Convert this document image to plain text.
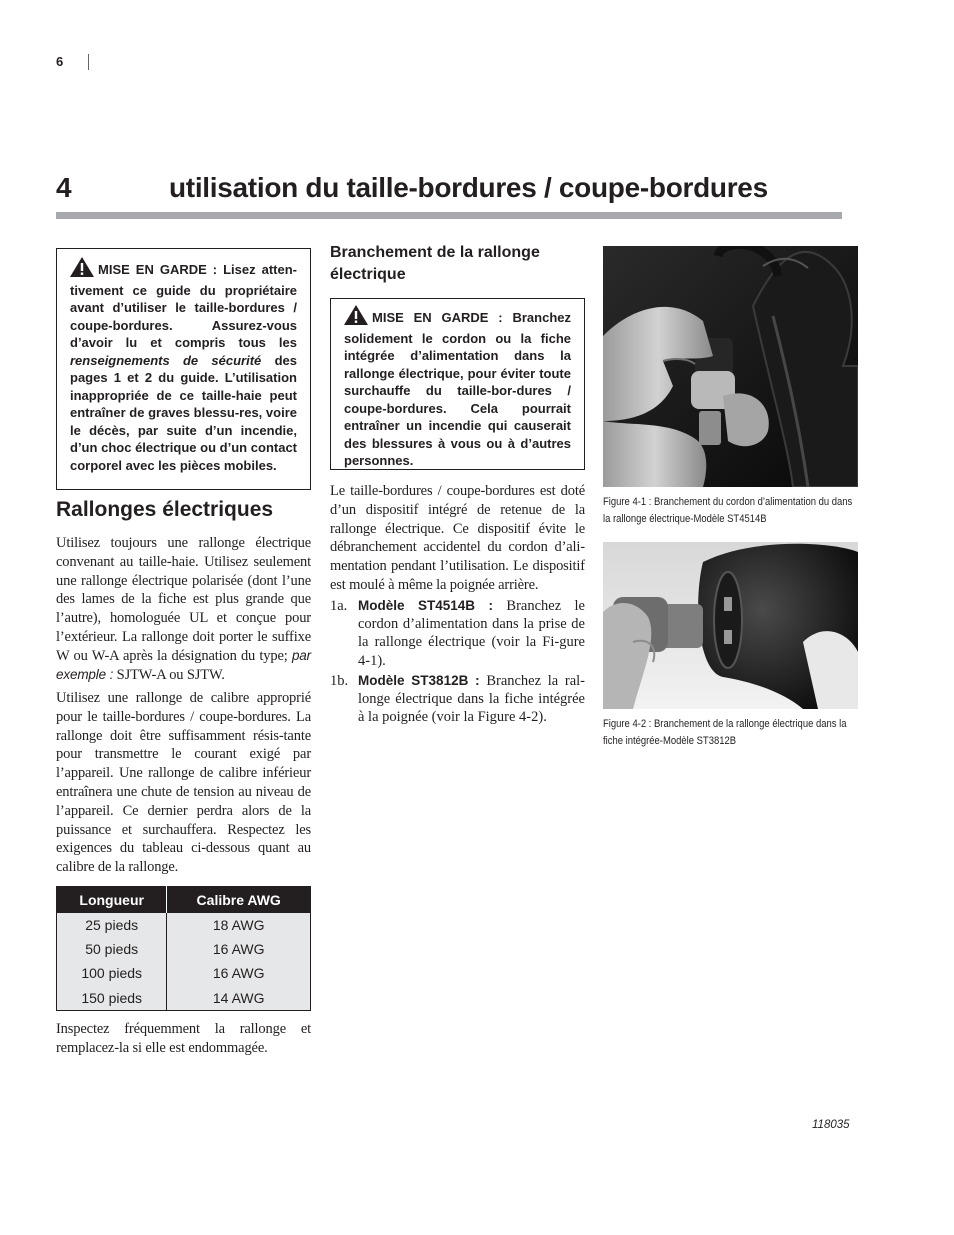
6
4	utilisation du taille-bordures / coupe-bordures
MISE EN GARDE : Lisez atten- tivement ce guide du propriétaire avant d’utiliser le taille-bordures / coupe-bordures. Assurez-vous d’avoir lu et compris tous les renseignements de sécurité des pages 1 et 2 du guide. L’utilisation inappropriée de ce taille-haie peut entraîner de graves blessu-res, voire le décès, par suite d’un incendie, d’un choc électrique ou d’un contact corporel avec les pièces mobiles.
Rallonges électriques
Utilisez toujours une rallonge électrique convenant au taille-haie. Utilisez seulement une rallonge électrique polarisée (dont l’une des lames de la fiche est plus grande que l’autre), homologuée UL et conçue pour l’extérieur. La rallonge doit porter le suffixe W ou W-A après la désignation du type; par exemple : SJTW-A ou SJTW.
Utilisez une rallonge de calibre approprié pour le taille-bordures / coupe-bordures. La rallonge doit être suffisamment résis-tante pour transmettre le courant exigé par l’appareil. Une rallonge de calibre inférieur entraînera une chute de tension au niveau de l’appareil. Ce dernier perdra alors de la puissance et surchauffera. Respectez les exigences du tableau ci-dessous quant au calibre de la rallonge.
Longueur	Calibre AWG
25 pieds	18 AWG
50 pieds	16 AWG
100 pieds	16 AWG
150 pieds	14 AWG
Inspectez fréquemment la rallonge et remplacez-la si elle est endommagée.
Branchement de la rallonge électrique
MISE EN GARDE : Branchez solidement le cordon ou la fiche intégrée d’alimentation dans la rallonge électrique, pour éviter toute surchauffe du taille-bor-dures / coupe-bordures. Cela pourrait entraîner un incendie qui causerait des blessures à vous ou à d’autres personnes.
Le taille-bordures / coupe-bordures est doté d’un dispositif intégré de retenue de la rallonge électrique. Ce dispositif évite le débranchement accidentel du cordon d’ali-mentation pendant l’utilisation. Le dispositif est moulé à même la poignée arrière.
1a. Modèle ST4514B : Branchez le cordon d’alimentation dans la prise de la rallonge électrique (voir la Fi-gure 4-1).
1b. Modèle ST3812B : Branchez la ral-longe électrique dans la fiche intégrée à la poignée (voir la Figure 4-2).
Figure 4-1 : Branchement du cordon d’alimentation du dans la rallonge électrique-Modèle ST4514B
Figure 4-2 : Branchement de la rallonge électrique dans la fiche intégrée-Modèle ST3812B
118035
